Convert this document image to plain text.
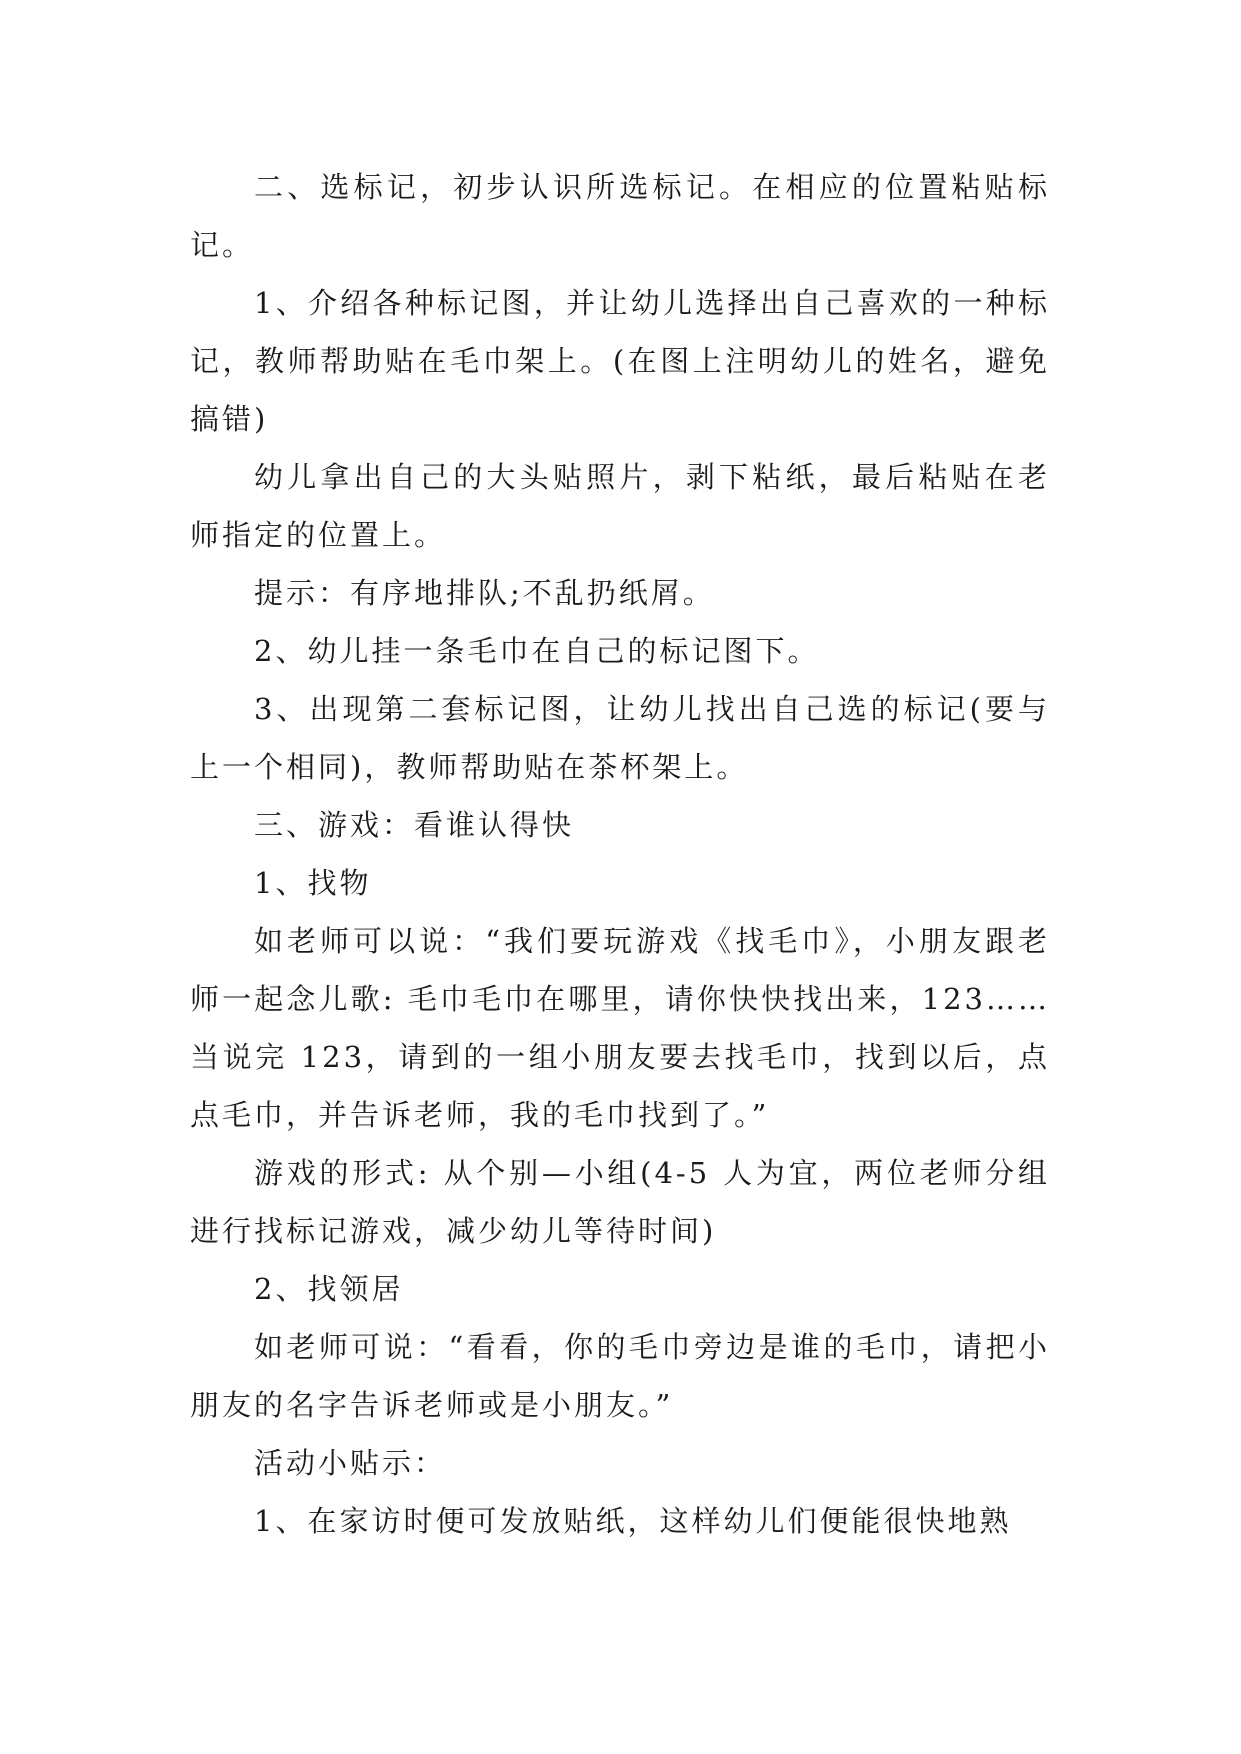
二、选标记，初步认识所选标记。在相应的位置粘贴标记。

1、介绍各种标记图，并让幼儿选择出自己喜欢的一种标记，教师帮助贴在毛巾架上。(在图上注明幼儿的姓名，避免搞错)

幼儿拿出自己的大头贴照片，剥下粘纸，最后粘贴在老师指定的位置上。

提示：有序地排队;不乱扔纸屑。

2、幼儿挂一条毛巾在自己的标记图下。

3、出现第二套标记图，让幼儿找出自己选的标记(要与上一个相同)，教师帮助贴在茶杯架上。

三、游戏：看谁认得快

1、找物

如老师可以说：“我们要玩游戏《找毛巾》，小朋友跟老师一起念儿歌: 毛巾毛巾在哪里，请你快快找出来，123……当说完 123，请到的一组小朋友要去找毛巾，找到以后，点点毛巾，并告诉老师，我的毛巾找到了。”

游戏的形式: 从个别—小组(4-5 人为宜，两位老师分组进行找标记游戏，减少幼儿等待时间)

2、找领居

如老师可说：“看看，你的毛巾旁边是谁的毛巾，请把小朋友的名字告诉老师或是小朋友。”

活动小贴示：

1、在家访时便可发放贴纸，这样幼儿们便能很快地熟
